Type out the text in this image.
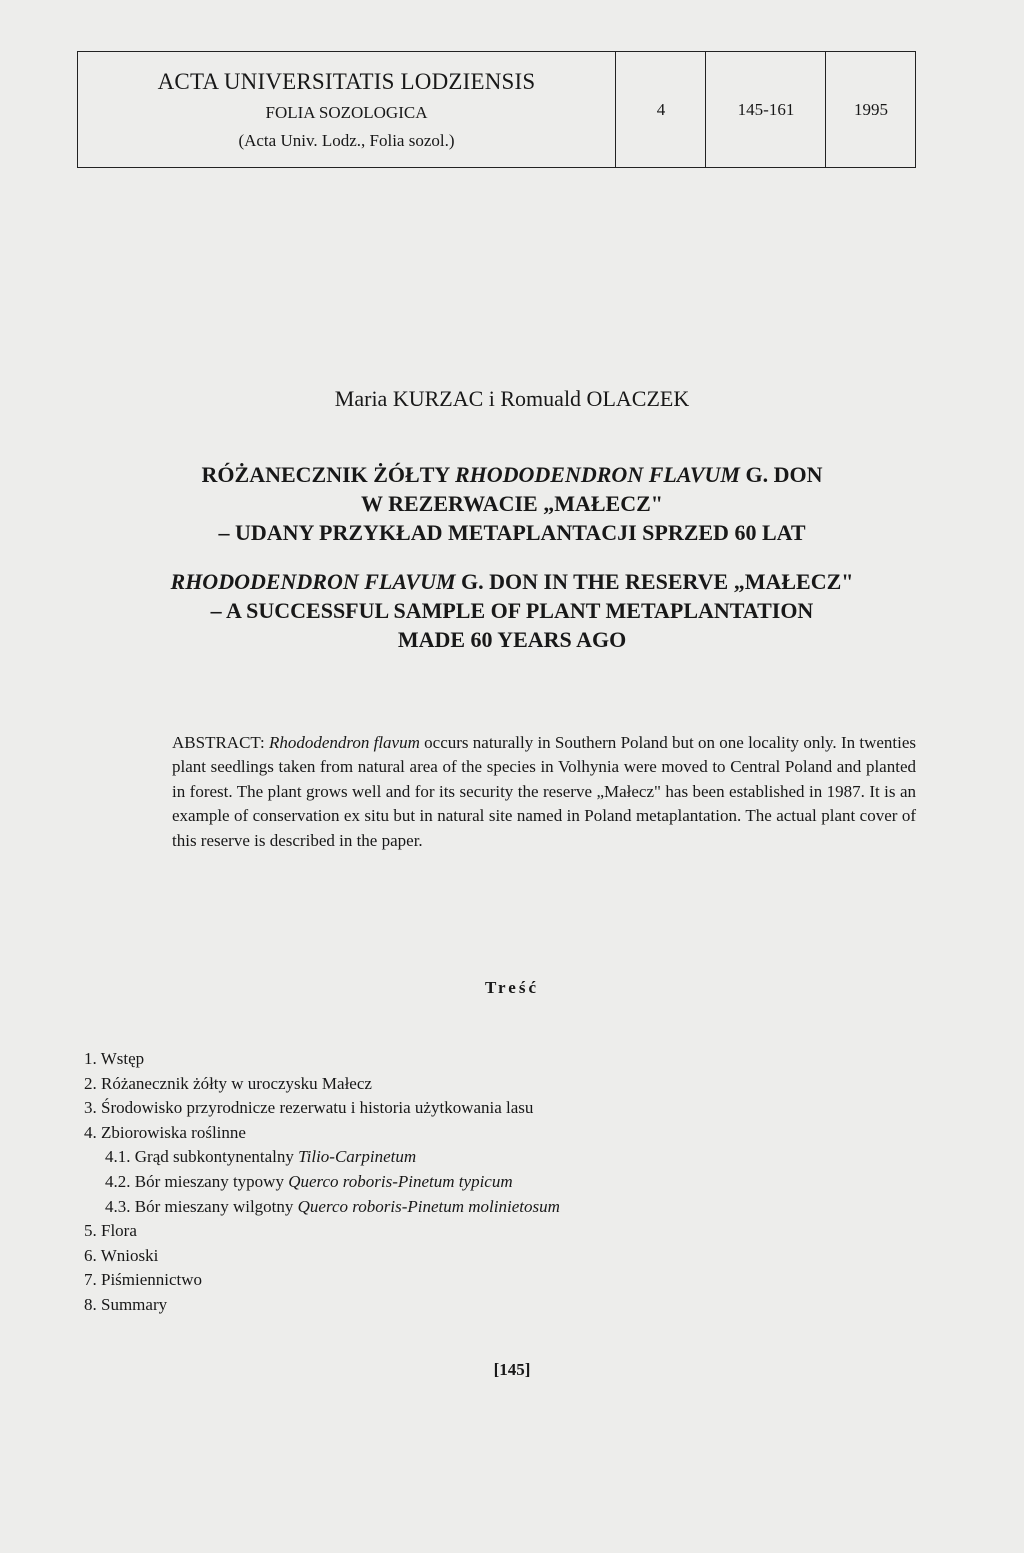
ACTA UNIVERSITATIS LODZIENSIS
FOLIA SOZOLOGICA
(Acta Univ. Lodz., Folia sozol.)
4	145-161	1995
Maria KURZAC i Romuald OLACZEK
RÓŻANECZNIK ŻÓŁTY RHODODENDRON FLAVUM G. DON
W REZERWACIE „MAŁECZ"
– UDANY PRZYKŁAD METAPLANTACJI SPRZED 60 LAT
RHODODENDRON FLAVUM G. DON IN THE RESERVE „MAŁECZ"
– A SUCCESSFUL SAMPLE OF PLANT METAPLANTATION
MADE 60 YEARS AGO
ABSTRACT: Rhododendron flavum occurs naturally in Southern Poland but on one locality only. In twenties plant seedlings taken from natural area of the species in Volhynia were moved to Central Poland and planted in forest. The plant grows well and for its security the reserve „Małecz" has been established in 1987. It is an example of conservation ex situ but in natural site named in Poland metaplantation. The actual plant cover of this reserve is described in the paper.
Treść
1. Wstęp
2. Różanecznik żółty w uroczysku Małecz
3. Środowisko przyrodnicze rezerwatu i historia użytkowania lasu
4. Zbiorowiska roślinne
4.1. Grąd subkontynentalny Tilio-Carpinetum
4.2. Bór mieszany typowy Querco roboris-Pinetum typicum
4.3. Bór mieszany wilgotny Querco roboris-Pinetum molinietosum
5. Flora
6. Wnioski
7. Piśmiennictwo
8. Summary
[145]
